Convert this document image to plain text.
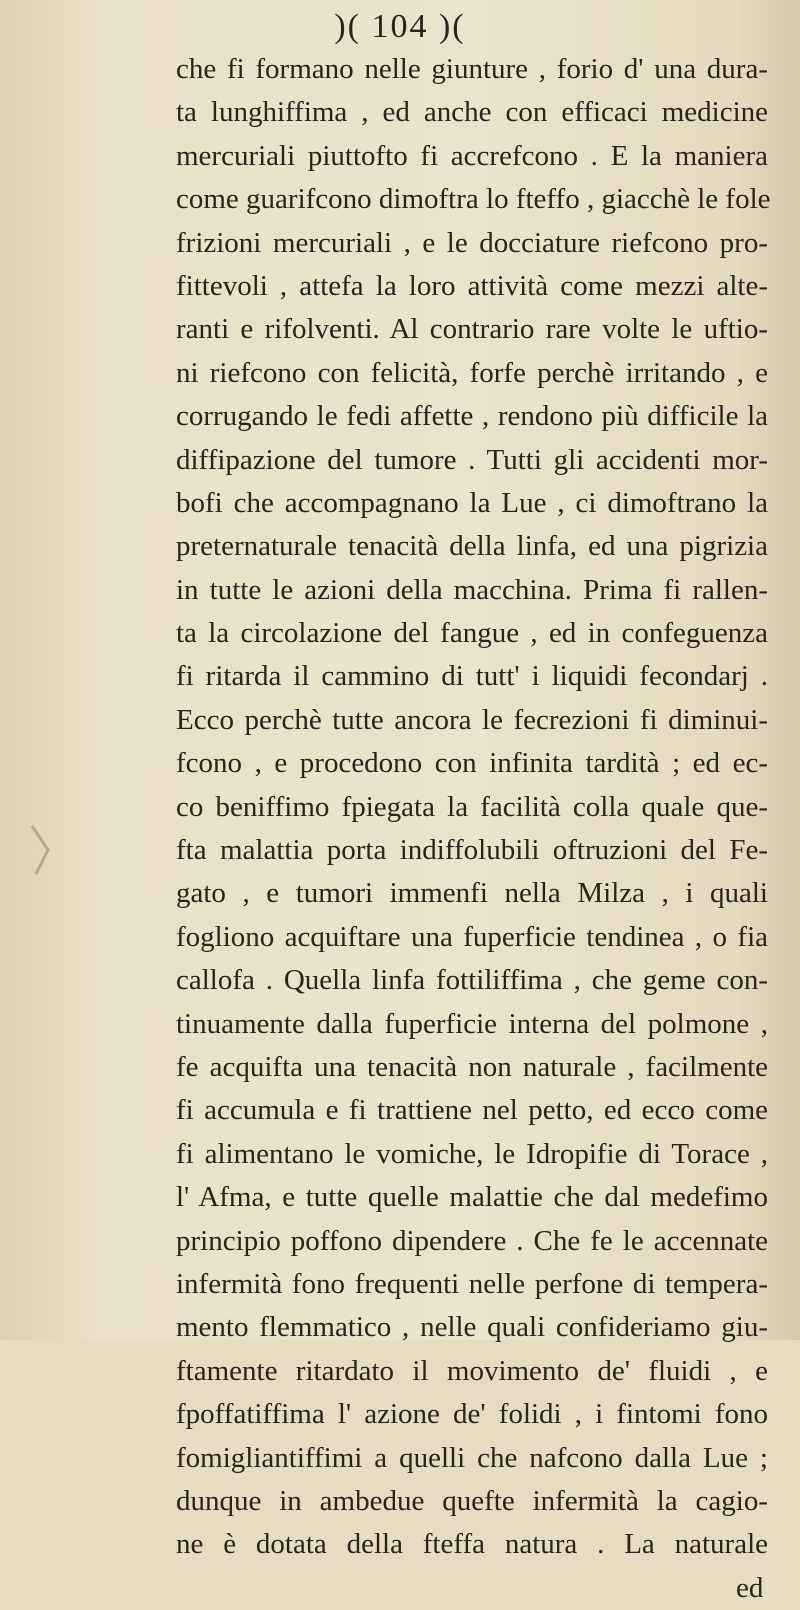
)( 104 )(
che fi formano nelle giunture , forio d' una dura-
ta lunghiffima , ed anche con efficaci medicine
mercuriali piuttofto fi accrefcono . E la maniera
come guarifcono dimoftra lo fteffo , giacchè le fole
frizioni mercuriali , e le docciature riefcono pro-
fittevoli , attefa la loro attività come mezzi alte-
ranti e rifolventi. Al contrario rare volte le uftio-
ni riefcono con felicità, forfe perchè irritando , e
corrugando le fedi affette , rendono più difficile la
diffipazione del tumore . Tutti gli accidenti mor-
bofi che accompagnano la Lue , ci dimoftrano la
preternaturale tenacità della linfa, ed una pigrizia
in tutte le azioni della macchina. Prima fi rallen-
ta la circolazione del fangue , ed in confeguenza
fi ritarda il cammino di tutt' i liquidi fecondarj .
Ecco perchè tutte ancora le fecrezioni fi diminui-
fcono , e procedono con infinita tardità ; ed ec-
co beniffimo fpiegata la facilità colla quale que-
fta malattia porta indiffolubili oftruzioni del Fe-
gato , e tumori immenfi nella Milza , i quali
fogliono acquiftare una fuperficie tendinea , o fia
callofa . Quella linfa fottiliffima , che geme con-
tinuamente dalla fuperficie interna del polmone ,
fe acquifta una tenacità non naturale , facilmente
fi accumula e fi trattiene nel petto, ed ecco come
fi alimentano le vomiche, le Idropifie di Torace ,
l' Afma, e tutte quelle malattie che dal medefimo
principio poffono dipendere . Che fe le accennate
infermità fono frequenti nelle perfone di tempera-
mento flemmatico , nelle quali confideriamo giu-
ftamente ritardato il movimento de' fluidi , e
fpoffatiffima l' azione de' folidi , i fintomi fono
fomigliantiffimi a quelli che nafcono dalla Lue ;
dunque in ambedue quefte infermità la cagio-
ne è dotata della fteffa natura . La naturale
ed
